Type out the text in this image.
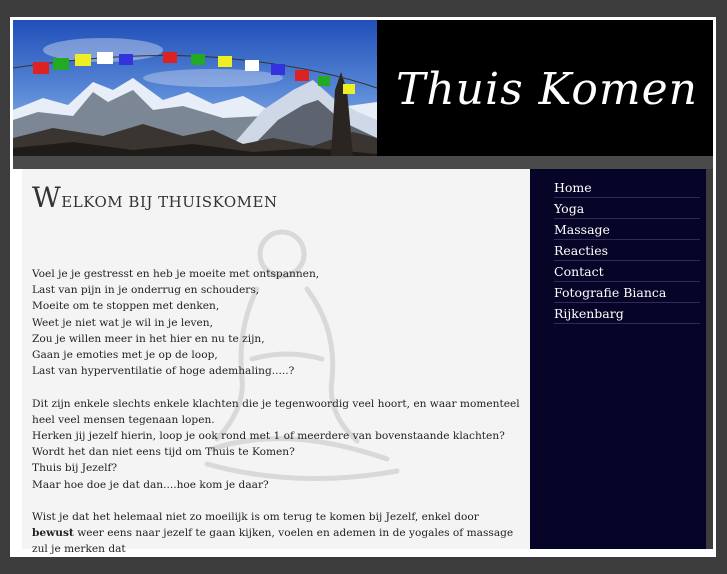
Thuis Komen
WELKOM BIJ THUISKOMEN

Voel je je gestresst en heb je moeite met ontspannen,
Last van pijn in je onderrug en schouders,
Moeite om te stoppen met denken,
Weet je niet wat je wil in je leven,
Zou je willen meer in het hier en nu te zijn,
Gaan je emoties met je op de loop,
Last van hyperventilatie of hoge ademhaling.....?

Dit zijn enkele slechts enkele klachten die je tegenwoordig veel hoort, en waar momenteel heel veel mensen tegenaan lopen.
Herken jij jezelf hierin, loop je ook rond met 1 of meerdere van bovenstaande klachten?
Wordt het dan niet eens tijd om Thuis te Komen?
Thuis bij Jezelf?
Maar hoe doe je dat dan....hoe kom je daar?

Wist je dat het helemaal niet zo moeilijk is om terug te komen bij Jezelf, enkel door bewust weer eens naar jezelf te gaan kijken, voelen en ademen in de yogales of massage zul je merken dat

Home
Yoga
Massage
Reacties
Contact
Fotografie Bianca
Rijkenbarg
